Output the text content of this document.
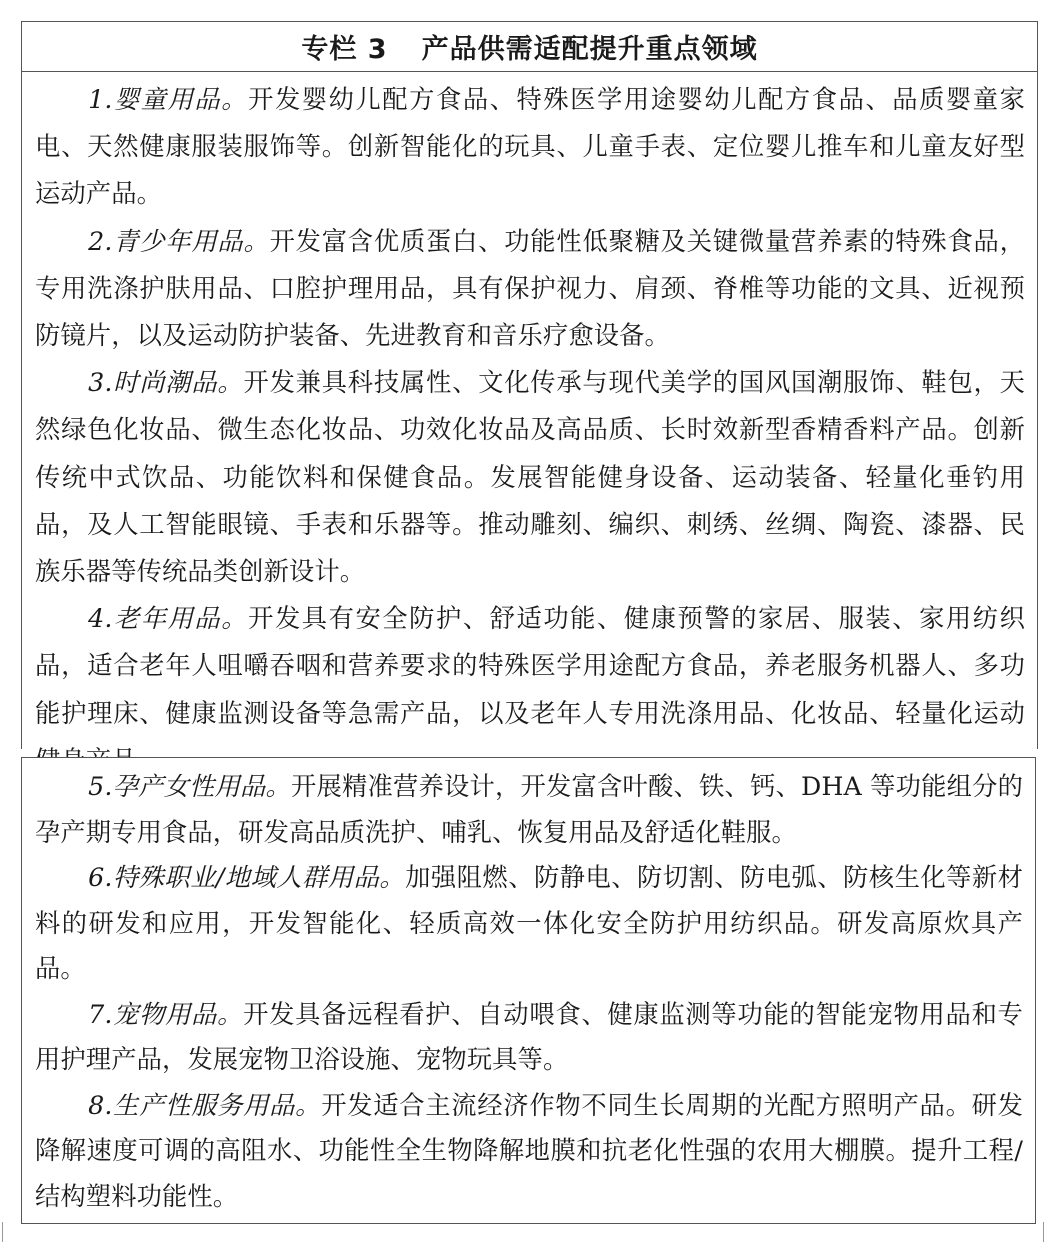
专栏 3 产品供需适配提升重点领域

1.婴童用品。开发婴幼儿配方食品、特殊医学用途婴幼儿配方食品、品质婴童家电、天然健康服装服饰等。创新智能化的玩具、儿童手表、定位婴儿推车和儿童友好型运动产品。

2.青少年用品。开发富含优质蛋白、功能性低聚糖及关键微量营养素的特殊食品，专用洗涤护肤用品、口腔护理用品，具有保护视力、肩颈、脊椎等功能的文具、近视预防镜片，以及运动防护装备、先进教育和音乐疗愈设备。

3.时尚潮品。开发兼具科技属性、文化传承与现代美学的国风国潮服饰、鞋包，天然绿色化妆品、微生态化妆品、功效化妆品及高品质、长时效新型香精香料产品。创新传统中式饮品、功能饮料和保健食品。发展智能健身设备、运动装备、轻量化垂钓用品，及人工智能眼镜、手表和乐器等。推动雕刻、编织、刺绣、丝绸、陶瓷、漆器、民族乐器等传统品类创新设计。

4.老年用品。开发具有安全防护、舒适功能、健康预警的家居、服装、家用纺织品，适合老年人咀嚼吞咽和营养要求的特殊医学用途配方食品，养老服务机器人、多功能护理床、健康监测设备等急需产品，以及老年人专用洗涤用品、化妆品、轻量化运动

5.孕产女性用品。开展精准营养设计，开发富含叶酸、铁、钙、DHA 等功能组分的孕产期专用食品，研发高品质洗护、哺乳、恢复用品及舒适化鞋服。

6.特殊职业/地域人群用品。加强阻燃、防静电、防切割、防电弧、防核生化等新材料的研发和应用，开发智能化、轻质高效一体化安全防护用纺织品。研发高原炊具产品。

7.宠物用品。开发具备远程看护、自动喂食、健康监测等功能的智能宠物用品和专用护理产品，发展宠物卫浴设施、宠物玩具等。

8.生产性服务用品。开发适合主流经济作物不同生长周期的光配方照明产品。研发降解速度可调的高阻水、功能性全生物降解地膜和抗老化性强的农用大棚膜。提升工程/结构塑料功能性。
